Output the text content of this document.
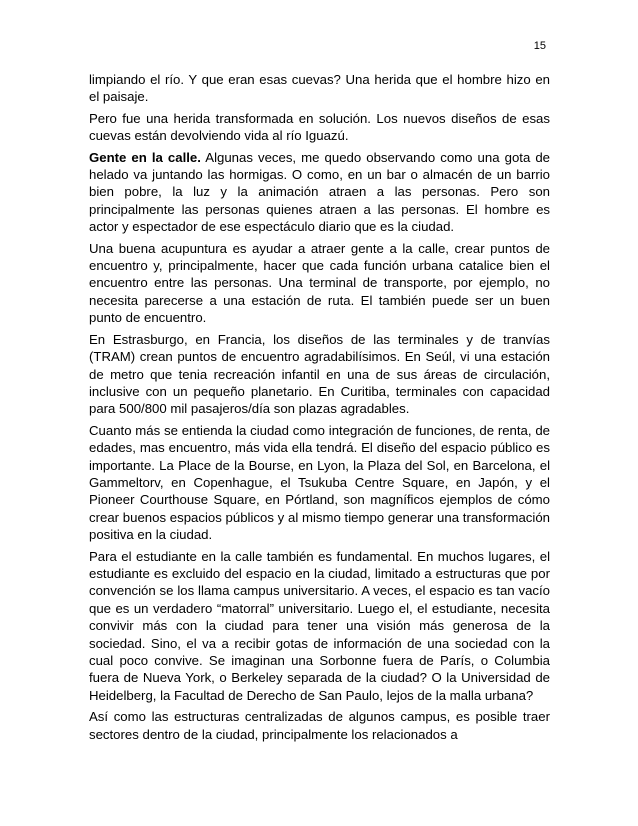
15

limpiando el río. Y que eran esas cuevas? Una herida que el hombre hizo en el paisaje.

Pero fue una herida transformada en solución. Los nuevos diseños de esas cuevas están devolviendo vida al río Iguazú.

Gente en la calle. Algunas veces, me quedo observando como una gota de helado va juntando las hormigas. O como, en un bar o almacén de un barrio bien pobre, la luz y la animación atraen a las personas. Pero son principalmente las personas quienes atraen a las personas. El hombre es actor y espectador de ese espectáculo diario que es la ciudad.

Una buena acupuntura es ayudar a atraer gente a la calle, crear puntos de encuentro y, principalmente, hacer que cada función urbana catalice bien el encuentro entre las personas. Una terminal de transporte, por ejemplo, no necesita parecerse a una estación de ruta. El también puede ser un buen punto de encuentro.

En Estrasburgo, en Francia, los diseños de las terminales y de tranvías (TRAM) crean puntos de encuentro agradabilísimos. En Seúl, vi una estación de metro que tenia recreación infantil en una de sus áreas de circulación, inclusive con un pequeño planetario. En Curitiba, terminales con capacidad para 500/800 mil pasajeros/día son plazas agradables.

Cuanto más se entienda la ciudad como integración de funciones, de renta, de edades, mas encuentro, más vida ella tendrá. El diseño del espacio público es importante. La Place de la Bourse, en Lyon, la Plaza del Sol, en Barcelona, el Gammeltorv, en Copenhague, el Tsukuba Centre Square, en Japón, y el Pioneer Courthouse Square, en Pórtland, son magníficos ejemplos de cómo crear buenos espacios públicos y al mismo tiempo generar una transformación positiva en la ciudad.

Para el estudiante en la calle también es fundamental. En muchos lugares, el estudiante es excluido del espacio en la ciudad, limitado a estructuras que por convención se los llama campus universitario. A veces, el espacio es tan vacío que es un verdadero “matorral” universitario. Luego el, el estudiante, necesita convivir más con la ciudad para tener una visión más generosa de la sociedad. Sino, el va a recibir gotas de información de una sociedad con la cual poco convive. Se imaginan una Sorbonne fuera de París, o Columbia fuera de Nueva York, o Berkeley separada de la ciudad? O la Universidad de Heidelberg, la Facultad de Derecho de San Paulo, lejos de la malla urbana?

Así como las estructuras centralizadas de algunos campus, es posible traer sectores dentro de la ciudad, principalmente los relacionados a
